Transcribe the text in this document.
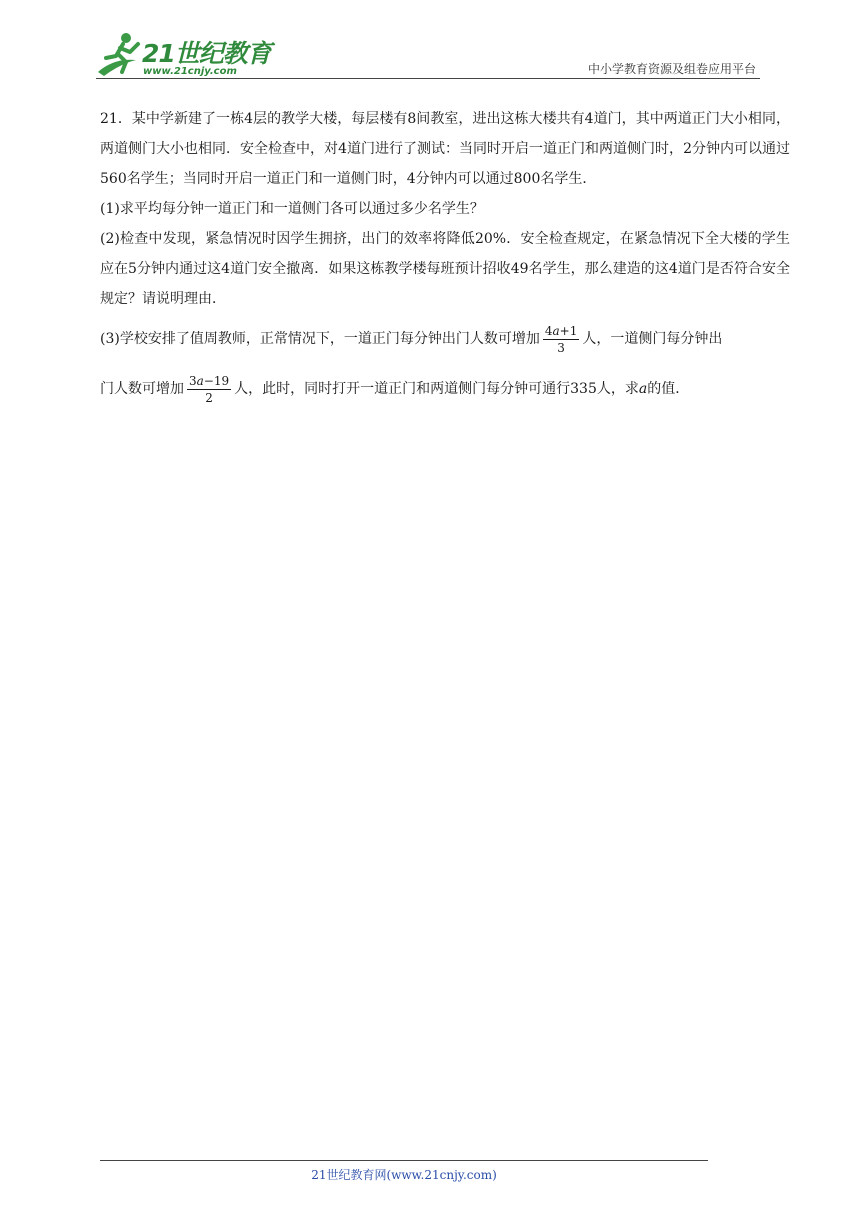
21世纪教育
www.21cnjy.com	中小学教育资源及组卷应用平台

21．某中学新建了一栋4层的教学大楼，每层楼有8间教室，进出这栋大楼共有4道门，其中两道正门大小相同，两道侧门大小也相同．安全检查中，对4道门进行了测试：当同时开启一道正门和两道侧门时，2分钟内可以通过560名学生；当同时开启一道正门和一道侧门时，4分钟内可以通过800名学生．

(1)求平均每分钟一道正门和一道侧门各可以通过多少名学生？

(2)检查中发现，紧急情况时因学生拥挤，出门的效率将降低20%．安全检查规定，在紧急情况下全大楼的学生应在5分钟内通过这4道门安全撤离．如果这栋教学楼每班预计招收49名学生，那么建造的这4道门是否符合安全规定？请说明理由．

(3)学校安排了值周教师，正常情况下，一道正门每分钟出门人数可增加 $\frac{4a+1}{3}$ 人，一道侧门每分钟出
门人数可增加 $\frac{3a-19}{2}$ 人，此时，同时打开一道正门和两道侧门每分钟可通行335人，求a的值．
21世纪教育网(www.21cnjy.com)
